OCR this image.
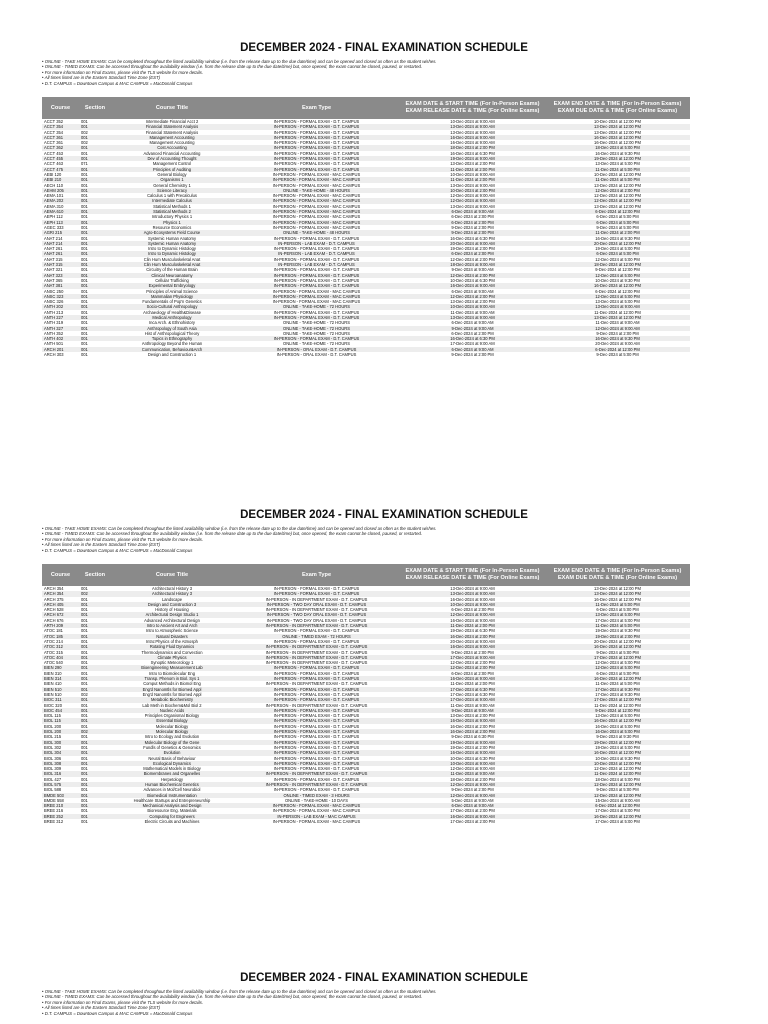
DECEMBER 2024 - FINAL EXAMINATION SCHEDULE
• ONLINE - TAKE HOME EXAMS: Can be completed throughout the listed availability window (i.e. from the release date up to the due date/time) and can be opened and closed as often as the student wishes.
• ONLINE - TIMED EXAMS: Can be accessed throughout the availability window (i.e. from the release date up to the due date/time) but, once opened, the exam cannot be closed, paused, or restarted.
• For more information on Final Exams, please visit the TLS website for more details.
• All times listed are in the Eastern Standard Time Zone (EST)
• D.T. CAMPUS = Downtown Campus & MAC CAMPUS = MacDonald Campus
Course	Section	Course Title	Exam Type	EXAM DATE & START TIME (For In-Person Exams)
EXAM RELEASE DATE & TIME (For Online Exams)	EXAM END DATE & TIME (For In-Person Exams)
EXAM DUE DATE & TIME (For Online Exams)
ACCT 352	001	Intermediate Financial Acct 2	IN-PERSON - FORMAL EXAM - D.T. CAMPUS	10-Dec-2024 at 9:00 AM	10-Dec-2024 at 12:00 PM
ACCT 354	001	Financial Statement Analysis	IN-PERSON - FORMAL EXAM - D.T. CAMPUS	13-Dec-2024 at 9:00 AM	13-Dec-2024 at 12:00 PM
ACCT 354	002	Financial Statement Analysis	IN-PERSON - FORMAL EXAM - D.T. CAMPUS	13-Dec-2024 at 9:00 AM	13-Dec-2024 at 12:00 PM
ACCT 361	001	Management Accounting	IN-PERSON - FORMAL EXAM - D.T. CAMPUS	16-Dec-2024 at 9:00 AM	16-Dec-2024 at 12:00 PM
ACCT 361	002	Management Accounting	IN-PERSON - FORMAL EXAM - D.T. CAMPUS	16-Dec-2024 at 9:00 AM	16-Dec-2024 at 12:00 PM
ACCT 362	001	Cost Accounting	IN-PERSON - FORMAL EXAM - D.T. CAMPUS	18-Dec-2024 at 2:00 PM	18-Dec-2024 at 5:00 PM
ACCT 453	001	Advanced Financial Accounting	IN-PERSON - FORMAL EXAM - D.T. CAMPUS	16-Dec-2024 at 6:30 PM	16-Dec-2024 at 9:30 PM
ACCT 455	001	Dev of Accounting Thought	IN-PERSON - FORMAL EXAM - D.T. CAMPUS	19-Dec-2024 at 9:00 AM	19-Dec-2024 at 12:00 PM
ACCT 463	071	Management Control	IN-PERSON - FORMAL EXAM - D.T. CAMPUS	13-Dec-2024 at 2:00 PM	13-Dec-2024 at 5:00 PM
ACCT 475	001	Principles of Auditing	IN-PERSON - FORMAL EXAM - D.T. CAMPUS	11-Dec-2024 at 2:00 PM	11-Dec-2024 at 5:00 PM
AEBI 120	001	General Biology	IN-PERSON - FORMAL EXAM - MAC CAMPUS	10-Dec-2024 at 9:00 AM	10-Dec-2024 at 12:00 PM
AEBI 210	001	Organisms 1	IN-PERSON - FORMAL EXAM - MAC CAMPUS	11-Dec-2024 at 2:00 PM	11-Dec-2024 at 5:00 PM
AECH 110	001	General Chemistry 1	IN-PERSON - FORMAL EXAM - MAC CAMPUS	13-Dec-2024 at 9:00 AM	13-Dec-2024 at 12:00 PM
AEHM 205	001	Science Literacy	ONLINE - TAKE-HOME - 48 HOURS	10-Dec-2024 at 2:00 PM	12-Dec-2024 at 2:00 PM
AEMA 101	001	Calculus 1 with Precalculus	IN-PERSON - FORMAL EXAM - MAC CAMPUS	12-Dec-2024 at 9:00 AM	12-Dec-2024 at 12:00 PM
AEMA 202	001	Intermediate Calculus	IN-PERSON - FORMAL EXAM - MAC CAMPUS	12-Dec-2024 at 9:00 AM	12-Dec-2024 at 12:00 PM
AEMA 310	001	Statistical Methods 1	IN-PERSON - FORMAL EXAM - MAC CAMPUS	13-Dec-2024 at 9:00 AM	13-Dec-2024 at 12:00 PM
AEMA 610	001	Statistical Methods 2	IN-PERSON - FORMAL EXAM - MAC CAMPUS	6-Dec-2024 at 9:00 AM	6-Dec-2024 at 12:00 PM
AEPH 112	001	Introductory Physics 1	IN-PERSON - FORMAL EXAM - MAC CAMPUS	6-Dec-2024 at 2:00 PM	6-Dec-2024 at 5:00 PM
AEPH 113	001	Physics 1	IN-PERSON - FORMAL EXAM - MAC CAMPUS	6-Dec-2024 at 2:00 PM	6-Dec-2024 at 5:00 PM
AGEC 333	001	Resource Economics	IN-PERSON - FORMAL EXAM - MAC CAMPUS	9-Dec-2024 at 2:00 PM	9-Dec-2024 at 5:00 PM
AGRI 215	001	Agro-Ecosystems Field Course	ONLINE - TAKE-HOME - 48 HOURS	9-Dec-2024 at 2:00 PM	11-Dec-2024 at 2:00 PM
ANAT 214	001	Systemic Human Anatomy	IN-PERSON - FORMAL EXAM - D.T. CAMPUS	16-Dec-2024 at 6:30 PM	16-Dec-2024 at 9:30 PM
ANAT 214	001	Systemic Human Anatomy	IN-PERSON - LAB EXAM - D.T. CAMPUS	20-Dec-2024 at 9:00 AM	20-Dec-2024 at 12:00 PM
ANAT 261	001	Intro to Dynamic Histology	IN-PERSON - FORMAL EXAM - D.T. CAMPUS	19-Dec-2024 at 2:00 PM	19-Dec-2024 at 5:00 PM
ANAT 261	001	Intro to Dynamic Histology	IN-PERSON - LAB EXAM - D.T. CAMPUS	6-Dec-2024 at 2:00 PM	6-Dec-2024 at 5:00 PM
ANAT 315	001	Clin Hum Musculoskeletal Anat	IN-PERSON - FORMAL EXAM - D.T. CAMPUS	12-Dec-2024 at 2:00 PM	12-Dec-2024 at 5:00 PM
ANAT 315	001	Clin Hum Musculoskeletal Anat	IN-PERSON - LAB EXAM - D.T. CAMPUS	18-Dec-2024 at 9:00 AM	18-Dec-2024 at 12:00 PM
ANAT 321	001	Circuitry of the Human Brain	IN-PERSON - FORMAL EXAM - D.T. CAMPUS	9-Dec-2024 at 9:00 AM	9-Dec-2024 at 12:00 PM
ANAT 323	001	Clinical Neuroanatomy	IN-PERSON - FORMAL EXAM - D.T. CAMPUS	12-Dec-2024 at 2:00 PM	12-Dec-2024 at 5:00 PM
ANAT 365	001	Cellular Trafficking	IN-PERSON - FORMAL EXAM - D.T. CAMPUS	10-Dec-2024 at 6:30 PM	10-Dec-2024 at 9:30 PM
ANAT 381	001	Experimental Embryology	IN-PERSON - FORMAL EXAM - D.T. CAMPUS	16-Dec-2024 at 9:00 AM	16-Dec-2024 at 12:00 PM
ANSC 250	001	Principles of Animal Science	IN-PERSON - FORMAL EXAM - MAC CAMPUS	6-Dec-2024 at 9:00 AM	6-Dec-2024 at 12:00 PM
ANSC 323	001	Mammalian Physiology	IN-PERSON - FORMAL EXAM - MAC CAMPUS	12-Dec-2024 at 2:00 PM	12-Dec-2024 at 5:00 PM
ANSC 326	001	Fundamentals of Pop'n Genetics	IN-PERSON - FORMAL EXAM - MAC CAMPUS	13-Dec-2024 at 2:00 PM	13-Dec-2024 at 5:00 PM
ANTH 202	001	Socio-Cultural Anthropology	ONLINE - TAKE-HOME - 72 HOURS	10-Dec-2024 at 9:00 AM	13-Dec-2024 at 9:00 AM
ANTH 213	001	Archaeology of Health&Disease	IN-PERSON - FORMAL EXAM - D.T. CAMPUS	11-Dec-2024 at 9:00 AM	11-Dec-2024 at 12:00 PM
ANTH 227	001	Medical Anthropology	IN-PERSON - FORMAL EXAM - D.T. CAMPUS	13-Dec-2024 at 9:00 AM	13-Dec-2024 at 12:00 PM
ANTH 319	001	Inca Arch. & Ethnohistory	ONLINE - TAKE-HOME - 72 HOURS	6-Dec-2024 at 9:00 AM	11-Dec-2024 at 9:00 AM
ANTH 327	001	Anthropology of South Asia	ONLINE - TAKE-HOME - 72 HOURS	9-Dec-2024 at 9:00 AM	12-Dec-2024 at 9:00 AM
ANTH 352	001	Hist of Anthropological Theory	ONLINE - TAKE-HOME - 72 HOURS	6-Dec-2024 at 2:00 PM	9-Dec-2024 at 2:00 PM
ANTH 402	001	Topics in Ethnography	IN-PERSON - FORMAL EXAM - D.T. CAMPUS	16-Dec-2024 at 6:30 PM	16-Dec-2024 at 9:30 PM
ANTH 501	001	Anthropology Beyond the Human	ONLINE - TAKE-HOME - 72 HOURS	17-Dec-2024 at 9:00 AM	20-Dec-2024 at 9:00 AM
ARCH 201	001	Communication, Behaviour&Arch	IN-PERSON - ORAL EXAM - D.T. CAMPUS	6-Dec-2024 at 9:00 AM	6-Dec-2024 at 12:00 PM
ARCH 303	001	Design and Construction 1	IN-PERSON - ORAL EXAM - D.T. CAMPUS	9-Dec-2024 at 2:00 PM	9-Dec-2024 at 5:00 PM
DECEMBER 2024 - FINAL EXAMINATION SCHEDULE
• ONLINE - TAKE HOME EXAMS: Can be completed throughout the listed availability window (i.e. from the release date up to the due date/time) and can be opened and closed as often as the student wishes.
• ONLINE - TIMED EXAMS: Can be accessed throughout the availability window (i.e. from the release date up to the due date/time) but, once opened, the exam cannot be closed, paused, or restarted.
• For more information on Final Exams, please visit the TLS website for more details.
• All times listed are in the Eastern Standard Time Zone (EST)
• D.T. CAMPUS = Downtown Campus & MAC CAMPUS = MacDonald Campus
Course	Section	Course Title	Exam Type	EXAM DATE & START TIME (For In-Person Exams)
EXAM RELEASE DATE & TIME (For Online Exams)	EXAM END DATE & TIME (For In-Person Exams)
EXAM DUE DATE & TIME (For Online Exams)
ARCH 354	001	Architectural History 3	IN-PERSON - FORMAL EXAM - D.T. CAMPUS	13-Dec-2024 at 9:00 AM	13-Dec-2024 at 12:00 PM
ARCH 354	002	Architectural History 3	IN-PERSON - FORMAL EXAM - D.T. CAMPUS	13-Dec-2024 at 9:00 AM	13-Dec-2024 at 12:00 PM
ARCH 375	001	Landscape	IN-PERSON - IN DEPARTMENT EXAM - D.T. CAMPUS	16-Dec-2024 at 9:00 AM	16-Dec-2024 at 12:00 PM
ARCH 405	001	Design and Construction 3	IN-PERSON - TWO DAY ORAL EXAM - D.T. CAMPUS	10-Dec-2024 at 9:00 AM	11-Dec-2024 at 5:00 PM
ARCH 528	001	History of Housing	IN-PERSON - IN DEPARTMENT EXAM - D.T. CAMPUS	6-Dec-2024 at 2:00 PM	6-Dec-2024 at 5:00 PM
ARCH 672	001	Architectural Design Studio 1	IN-PERSON - TWO DAY ORAL EXAM - D.T. CAMPUS	12-Dec-2024 at 9:00 AM	13-Dec-2024 at 5:00 PM
ARCH 676	001	Advanced Architectural Design	IN-PERSON - TWO DAY ORAL EXAM - D.T. CAMPUS	16-Dec-2024 at 9:00 AM	17-Dec-2024 at 5:00 PM
ARTH 209	001	Intro to Ancient Art and Arch	IN-PERSON - IN DEPARTMENT EXAM - D.T. CAMPUS	11-Dec-2024 at 2:00 PM	11-Dec-2024 at 5:00 PM
ATOC 181	001	Intro to Atmospheric Science	IN-PERSON - FORMAL EXAM - D.T. CAMPUS	19-Dec-2024 at 6:30 PM	19-Dec-2024 at 9:30 PM
ATOC 185	001	Natural Disasters	ONLINE - TIMED EXAM - 72 HOURS	16-Dec-2024 at 2:00 PM	19-Dec-2024 at 2:00 PM
ATOC 214	001	Intro:Physics of the Atmosph	IN-PERSON - FORMAL EXAM - D.T. CAMPUS	20-Dec-2024 at 9:00 AM	20-Dec-2024 at 12:00 PM
ATOC 312	001	Rotating Fluid Dynamics	IN-PERSON - IN DEPARTMENT EXAM - D.T. CAMPUS	16-Dec-2024 at 9:00 AM	16-Dec-2024 at 12:00 PM
ATOC 315	001	Thermodynamics and Convection	IN-PERSON - IN DEPARTMENT EXAM - D.T. CAMPUS	9-Dec-2024 at 2:00 PM	9-Dec-2024 at 5:00 PM
ATOC 404	001	Climate Physics	IN-PERSON - IN DEPARTMENT EXAM - D.T. CAMPUS	17-Dec-2024 at 9:00 AM	17-Dec-2024 at 12:00 PM
ATOC 540	001	Synoptic Meteorology 1	IN-PERSON - IN DEPARTMENT EXAM - D.T. CAMPUS	12-Dec-2024 at 2:00 PM	12-Dec-2024 at 5:00 PM
BIEN 290	001	Bioengineering Measurement Lab	IN-PERSON - FORMAL EXAM - D.T. CAMPUS	12-Dec-2024 at 2:00 PM	12-Dec-2024 at 5:00 PM
BIEN 310	001	Intro to Biomolecular Eng	IN-PERSON - FORMAL EXAM - D.T. CAMPUS	6-Dec-2024 at 2:00 PM	6-Dec-2024 at 5:00 PM
BIEN 314	001	Transp. Phenom in Biol. Sys 1	IN-PERSON - FORMAL EXAM - D.T. CAMPUS	16-Dec-2024 at 9:00 AM	16-Dec-2024 at 12:00 PM
BIEN 410	001	Comput Methods in Biomol Eng	IN-PERSON - IN DEPARTMENT EXAM - D.T. CAMPUS	11-Dec-2024 at 2:00 PM	11-Dec-2024 at 5:00 PM
BIEN 510	001	Eng'd Nanomtls for Biomed Appl	IN-PERSON - FORMAL EXAM - D.T. CAMPUS	17-Dec-2024 at 6:30 PM	17-Dec-2024 at 9:30 PM
BIEN 510	002	Eng'd Nanomtls for Biomed Appl	IN-PERSON - FORMAL EXAM - D.T. CAMPUS	17-Dec-2024 at 6:30 PM	17-Dec-2024 at 9:30 PM
BIOC 311	001	Metabolic Biochemistry	IN-PERSON - FORMAL EXAM - D.T. CAMPUS	17-Dec-2024 at 9:00 AM	17-Dec-2024 at 12:00 PM
BIOC 320	001	Lab Meth in Biochem&Mol Biol 2	IN-PERSON - IN DEPARTMENT EXAM - D.T. CAMPUS	11-Dec-2024 at 9:00 AM	11-Dec-2024 at 12:00 PM
BIOC 454	001	Nucleic Acids	IN-PERSON - FORMAL EXAM - D.T. CAMPUS	9-Dec-2024 at 9:00 AM	9-Dec-2024 at 12:00 PM
BIOL 115	001	Principles Organismal Biology	IN-PERSON - FORMAL EXAM - D.T. CAMPUS	13-Dec-2024 at 2:00 PM	13-Dec-2024 at 5:00 PM
BIOL 115	001	Essential Biology	IN-PERSON - FORMAL EXAM - D.T. CAMPUS	16-Dec-2024 at 9:00 AM	16-Dec-2024 at 12:00 PM
BIOL 200	001	Molecular Biology	IN-PERSON - FORMAL EXAM - D.T. CAMPUS	16-Dec-2024 at 2:00 PM	16-Dec-2024 at 5:00 PM
BIOL 200	002	Molecular Biology	IN-PERSON - FORMAL EXAM - D.T. CAMPUS	16-Dec-2024 at 2:00 PM	16-Dec-2024 at 5:00 PM
BIOL 215	001	Intro to Ecology and Evolution	IN-PERSON - FORMAL EXAM - D.T. CAMPUS	9-Dec-2024 at 6:30 PM	9-Dec-2024 at 9:30 PM
BIOL 300	001	Molecular Biology of the Gene	IN-PERSON - FORMAL EXAM - D.T. CAMPUS	19-Dec-2024 at 9:00 AM	19-Dec-2024 at 12:00 PM
BIOL 302	001	Fundls of Genetics & Genomics	IN-PERSON - FORMAL EXAM - D.T. CAMPUS	19-Dec-2024 at 2:00 PM	19-Dec-2024 at 5:00 PM
BIOL 304	001	Evolution	IN-PERSON - FORMAL EXAM - D.T. CAMPUS	16-Dec-2024 at 9:00 AM	16-Dec-2024 at 12:00 PM
BIOL 306	001	Neural Basis of Behaviour	IN-PERSON - FORMAL EXAM - D.T. CAMPUS	10-Dec-2024 at 6:30 PM	10-Dec-2024 at 9:30 PM
BIOL 308	001	Ecological Dynamics	IN-PERSON - FORMAL EXAM - D.T. CAMPUS	10-Dec-2024 at 9:00 AM	10-Dec-2024 at 12:00 PM
BIOL 309	001	Mathematical Models in Biology	IN-PERSON - FORMAL EXAM - D.T. CAMPUS	12-Dec-2024 at 9:00 AM	12-Dec-2024 at 12:00 PM
BIOL 316	001	Biomembranes and Organelles	IN-PERSON - IN DEPARTMENT EXAM - D.T. CAMPUS	11-Dec-2024 at 9:00 AM	11-Dec-2024 at 12:00 PM
BIOL 427	001	Herpetology	IN-PERSON - FORMAL EXAM - D.T. CAMPUS	18-Dec-2024 at 2:00 PM	18-Dec-2024 at 5:00 PM
BIOL 575	001	Human Biochemical Genetics	IN-PERSON - IN DEPARTMENT EXAM - D.T. CAMPUS	12-Dec-2024 at 9:00 AM	12-Dec-2024 at 12:00 PM
BIOL 588	001	Advances in Mol/Cell Neurobiol	IN-PERSON - FORMAL EXAM - D.T. CAMPUS	9-Dec-2024 at 2:00 PM	9-Dec-2024 at 5:00 PM
BMDE 503	001	Biomedical Instrumentation	ONLINE - TIMED EXAM - 3 HOURS	12-Dec-2024 at 9:00 AM	12-Dec-2024 at 12:00 PM
BMDE 558	001	Healthcare Startups and Entrepreneurship	ONLINE - TAKE-HOME - 10 DAYS	5-Dec-2024 at 9:00 AM	15-Dec-2024 at 9:00 AM
BREE 210	001	Mechanical Analysis and Design	IN-PERSON - FORMAL EXAM - MAC CAMPUS	6-Dec-2024 at 9:00 AM	6-Dec-2024 at 12:00 PM
BREE 216	001	Bioresource Eng. Materials	IN-PERSON - FORMAL EXAM - MAC CAMPUS	17-Dec-2024 at 2:00 PM	17-Dec-2024 at 5:00 PM
BREE 252	001	Computing for Engineers	IN-PERSON - LAB EXAM - MAC CAMPUS	16-Dec-2024 at 9:00 AM	16-Dec-2024 at 12:00 PM
BREE 312	001	Electric Circuits and Machines	IN-PERSON - FORMAL EXAM - MAC CAMPUS	17-Dec-2024 at 2:00 PM	17-Dec-2024 at 5:00 PM
DECEMBER 2024 - FINAL EXAMINATION SCHEDULE
• ONLINE - TAKE HOME EXAMS: Can be completed throughout the listed availability window (i.e. from the release date up to the due date/time) and can be opened and closed as often as the student wishes.
• ONLINE - TIMED EXAMS: Can be accessed throughout the availability window (i.e. from the release date up to the due date/time) but, once opened, the exam cannot be closed, paused, or restarted.
• For more information on Final Exams, please visit the TLS website for more details.
• All times listed are in the Eastern Standard Time Zone (EST)
• D.T. CAMPUS = Downtown Campus & MAC CAMPUS = MacDonald Campus
